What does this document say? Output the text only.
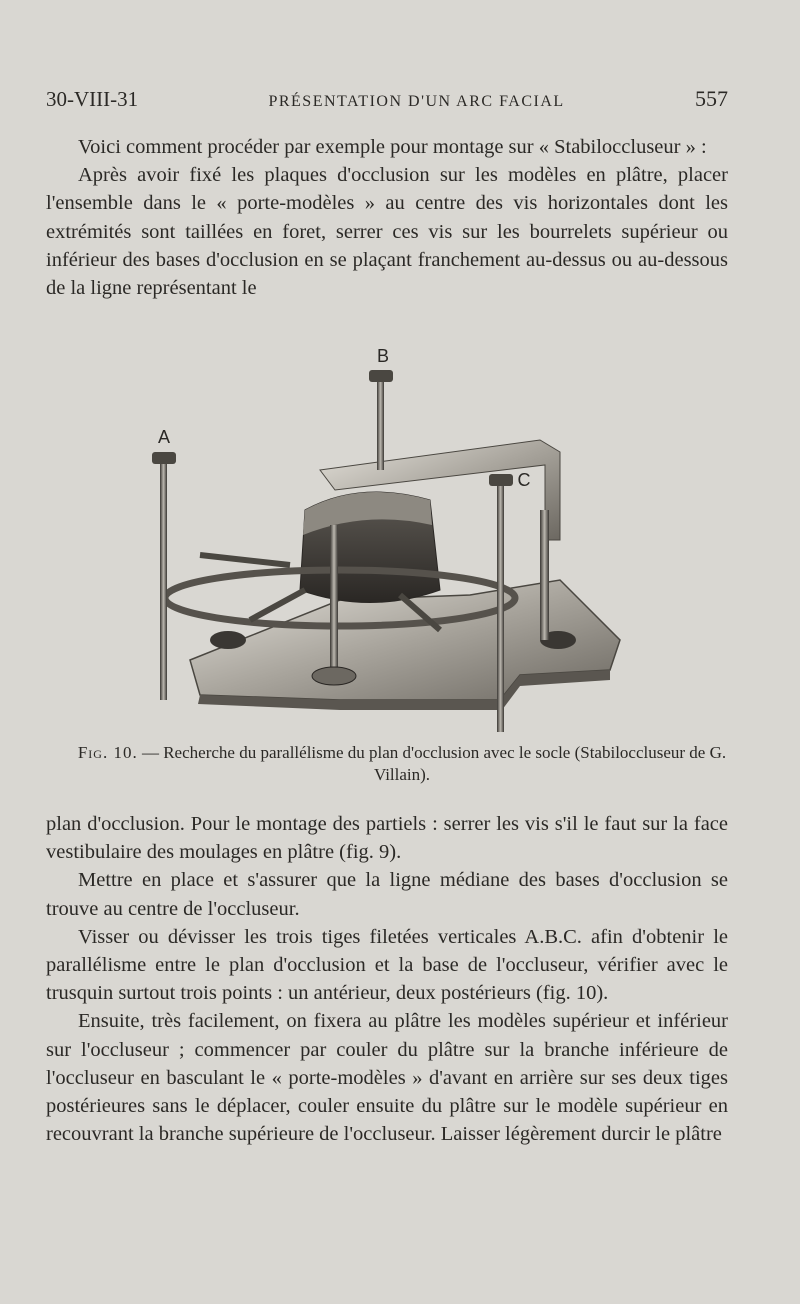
30-VIII-31	PRÉSENTATION D'UN ARC FACIAL	557

Voici comment procéder par exemple pour montage sur « Stabiloccluseur » :

Après avoir fixé les plaques d'occlusion sur les modèles en plâtre, placer l'ensemble dans le « porte-modèles » au centre des vis horizontales dont les extrémités sont taillées en foret, serrer ces vis sur les bourrelets supérieur ou inférieur des bases d'occlusion en se plaçant franchement au-dessus ou au-dessous de la ligne représentant le

B
A
C
Fig. 10. — Recherche du parallélisme du plan d'occlusion avec le socle (Stabiloccluseur de G. Villain).

plan d'occlusion. Pour le montage des partiels : serrer les vis s'il le faut sur la face vestibulaire des moulages en plâtre (fig. 9).

Mettre en place et s'assurer que la ligne médiane des bases d'occlusion se trouve au centre de l'occluseur.

Visser ou dévisser les trois tiges filetées verticales A.B.C. afin d'obtenir le parallélisme entre le plan d'occlusion et la base de l'occluseur, vérifier avec le trusquin surtout trois points : un antérieur, deux postérieurs (fig. 10).

Ensuite, très facilement, on fixera au plâtre les modèles supérieur et inférieur sur l'occluseur ; commencer par couler du plâtre sur la branche inférieure de l'occluseur en basculant le « porte-modèles » d'avant en arrière sur ses deux tiges postérieures sans le déplacer, couler ensuite du plâtre sur le modèle supérieur en recouvrant la branche supérieure de l'occluseur. Laisser légèrement durcir le plâtre
